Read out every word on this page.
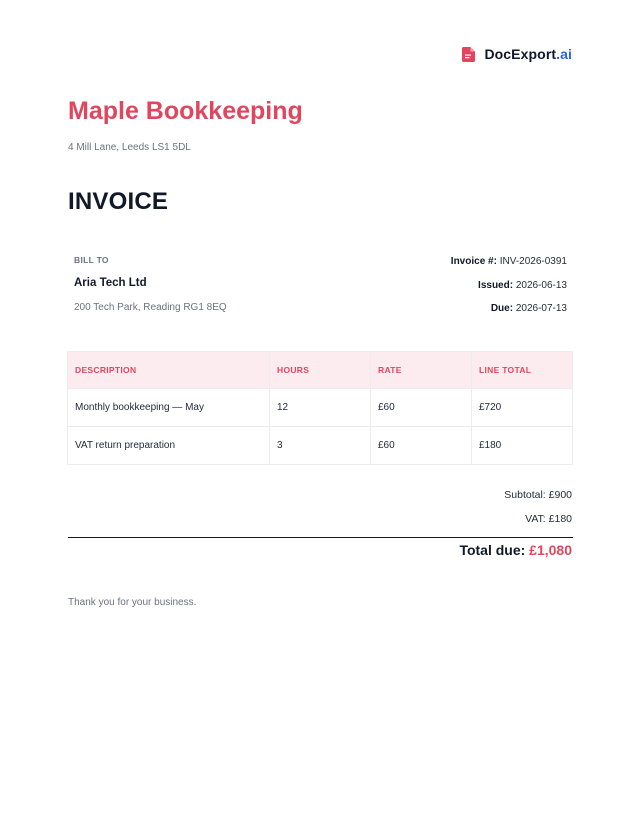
DocExport.ai
Maple Bookkeeping
4 Mill Lane, Leeds LS1 5DL
INVOICE
BILL TO
Aria Tech Ltd
200 Tech Park, Reading RG1 8EQ
Invoice #: INV-2026-0391
Issued: 2026-06-13
Due: 2026-07-13
DESCRIPTION	HOURS	RATE	LINE TOTAL
Monthly bookkeeping — May	12	£60	£720
VAT return preparation	3	£60	£180
Subtotal: £900
VAT: £180
Total due: £1,080
Thank you for your business.
